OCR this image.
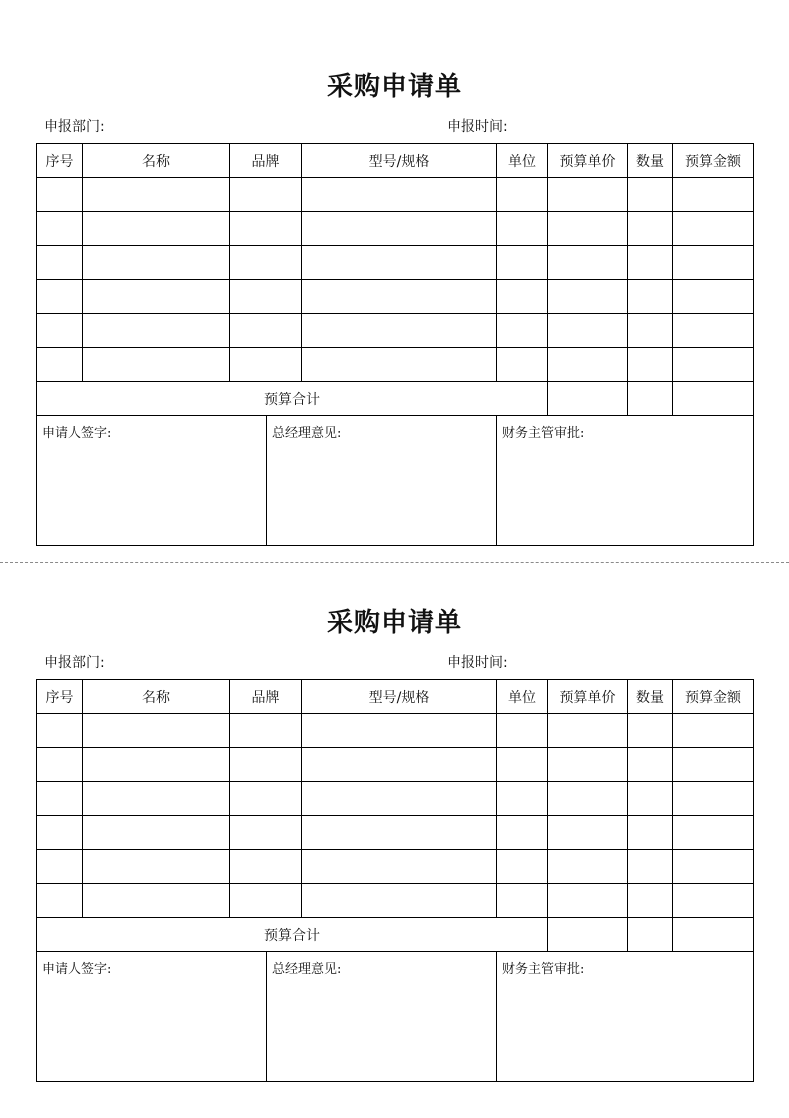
采购申请单
申报部门:	申报时间:
序号	名称	品牌	型号/规格	单位	预算单价	数量	预算金额

预算合计							
申请人签字:	总经理意见:	财务主管审批:
采购申请单
申报部门:	申报时间:
序号	名称	品牌	型号/规格	单位	预算单价	数量	预算金额

预算合计							
申请人签字:	总经理意见:	财务主管审批:
